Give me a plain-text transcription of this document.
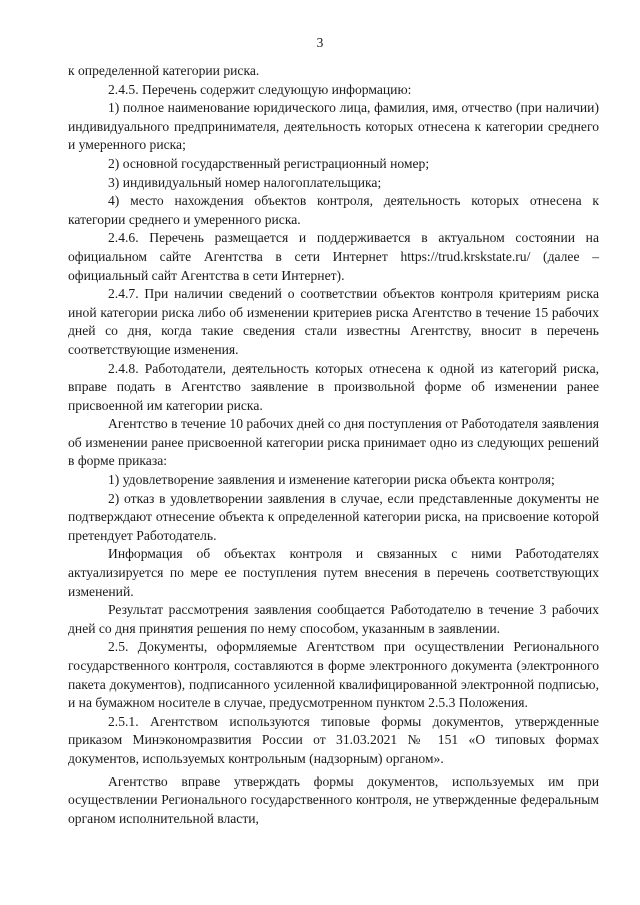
3

к определенной категории риска.

2.4.5. Перечень содержит следующую информацию:

1) полное наименование юридического лица, фамилия, имя, отчество (при наличии) индивидуального предпринимателя, деятельность которых отнесена к категории среднего и умеренного риска;

2) основной государственный регистрационный номер;

3) индивидуальный номер налогоплательщика;

4) место нахождения объектов контроля, деятельность которых отнесена к категории среднего и умеренного риска.

2.4.6. Перечень размещается и поддерживается в актуальном состоянии на официальном сайте Агентства в сети Интернет https://trud.krskstate.ru/ (далее – официальный сайт Агентства в сети Интернет).

2.4.7. При наличии сведений о соответствии объектов контроля критериям риска иной категории риска либо об изменении критериев риска Агентство в течение 15 рабочих дней со дня, когда такие сведения стали известны Агентству, вносит в перечень соответствующие изменения.

2.4.8. Работодатели, деятельность которых отнесена к одной из категорий риска, вправе подать в Агентство заявление в произвольной форме об изменении ранее присвоенной им категории риска.

Агентство в течение 10 рабочих дней со дня поступления от Работодателя заявления об изменении ранее присвоенной категории риска принимает одно из следующих решений в форме приказа:

1) удовлетворение заявления и изменение категории риска объекта контроля;

2) отказ в удовлетворении заявления в случае, если представленные документы не подтверждают отнесение объекта к определенной категории риска, на присвоение которой претендует Работодатель.

Информация об объектах контроля и связанных с ними Работодателях актуализируется по мере ее поступления путем внесения в перечень соответствующих изменений.

Результат рассмотрения заявления сообщается Работодателю в течение 3 рабочих дней со дня принятия решения по нему способом, указанным в заявлении.

2.5. Документы, оформляемые Агентством при осуществлении Регионального государственного контроля, составляются в форме электронного документа (электронного пакета документов), подписанного усиленной квалифицированной электронной подписью, и на бумажном носителе в случае, предусмотренном пунктом 2.5.3 Положения.

2.5.1. Агентством используются типовые формы документов, утвержденные приказом Минэкономразвития России от 31.03.2021 № 151 «О типовых формах документов, используемых контрольным (надзорным) органом».

Агентство вправе утверждать формы документов, используемых им при осуществлении Регионального государственного контроля, не утвержденные федеральным органом исполнительной власти,
